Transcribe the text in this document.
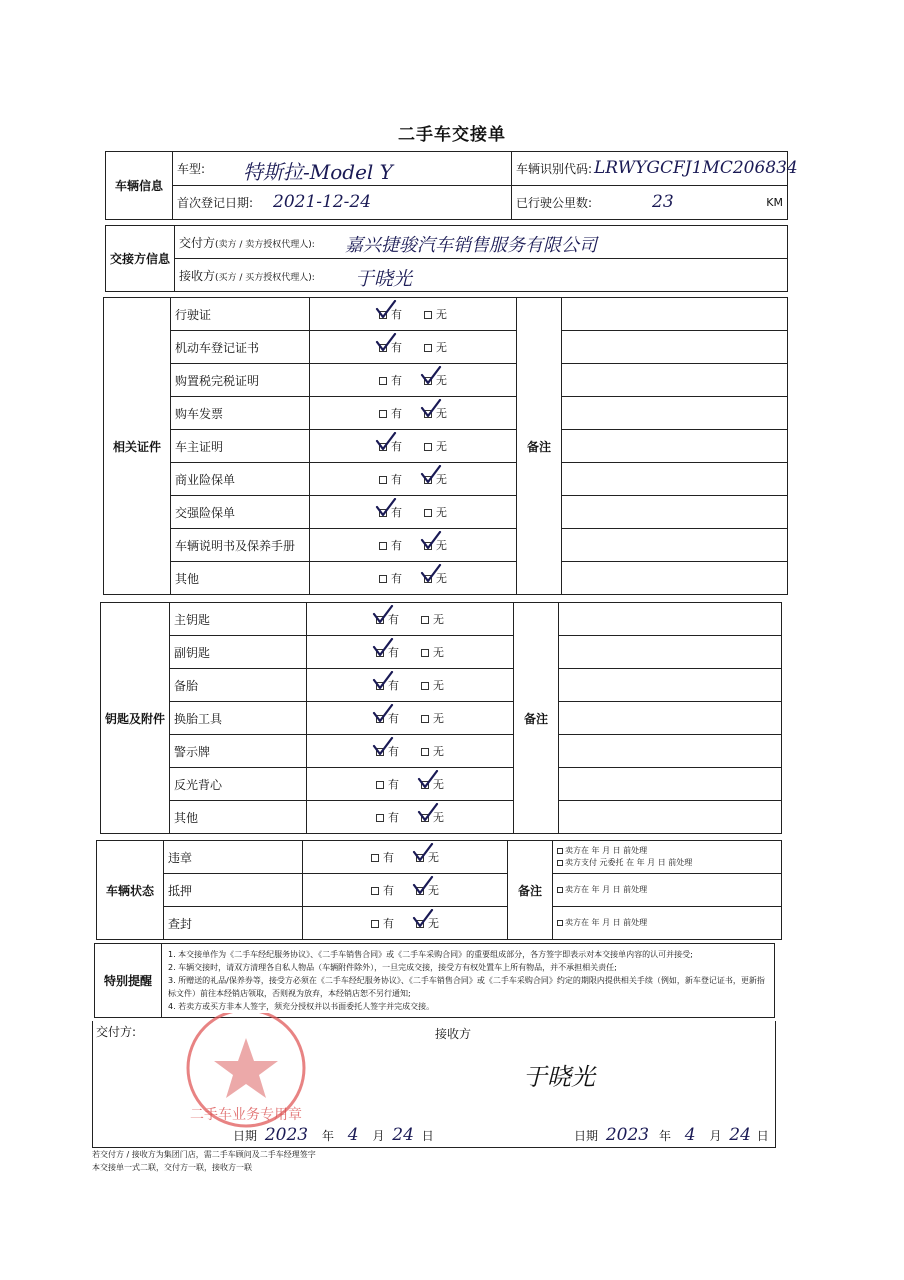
二手车交接单
车辆信息	车型: 特斯拉-Model Y	车辆识别代码: LRWYGCFJ1MC206834

	首次登记日期: 2021-12-24	已行驶公里数: 23 KM
交接方信息	交付方(卖方 / 卖方授权代理人): 嘉兴捷骏汽车销售服务有限公司

接收方(买方 / 买方授权代理人): 于晓光
相关证件	行驶证	有 无	备注	
	机动车登记证书	有 无		
	购置税完税证明	有 无	

	购车发票	有 无	

	车主证明	有 无		
	商业险保单	有 无	

	交强险保单	有 无		
	车辆说明书及保养手册	有 无	

	其他	有 无	

钥匙及附件	主钥匙	有 无	备注	
	副钥匙	有 无		
	备胎	有 无		
	换胎工具	有 无		
	警示牌	有 无		
	反光背心	有 无	

	其他	有 无	

车辆状态	违章	有 无	备注	卖方在 年 月 日 前处理
卖方支付 元委托 在 年 月 日 前处理

	抵押	有 无		卖方在 年 月 日 前处理

	查封	有 无		卖方在 年 月 日 前处理
特别提醒	
1. 本交接单作为《二手车经纪服务协议》、《二手车销售合同》或《二手车采购合同》的重要组成部分，各方签字即表示对本交接单内容的认可并接受;
2. 车辆交接时，请双方清理各自私人物品（车辆附件除外），一旦完成交接，接受方有权处置车上所有物品，并不承担相关责任;
3. 所赠送的礼品/保养券等，接受方必须在《二手车经纪服务协议》、《二手车销售合同》或《二手车采购合同》约定的期限内提供相关手续（例如，新车登记证书，更新指标文件）前往本经销店领取，否则视为放弃，本经销店恕不另行通知;
4. 若卖方或买方非本人签字，须充分授权并以书面委托人签字并完成交接。
交付方:	接收方
二手车业务专用章
于晓光
日期 2023 年 4 月 24 日	日期 2023 年 4 月 24 日
若交付方 / 接收方为集团门店，需二手车顾问及二手车经理签字
本交接单一式二联，交付方一联，接收方一联
